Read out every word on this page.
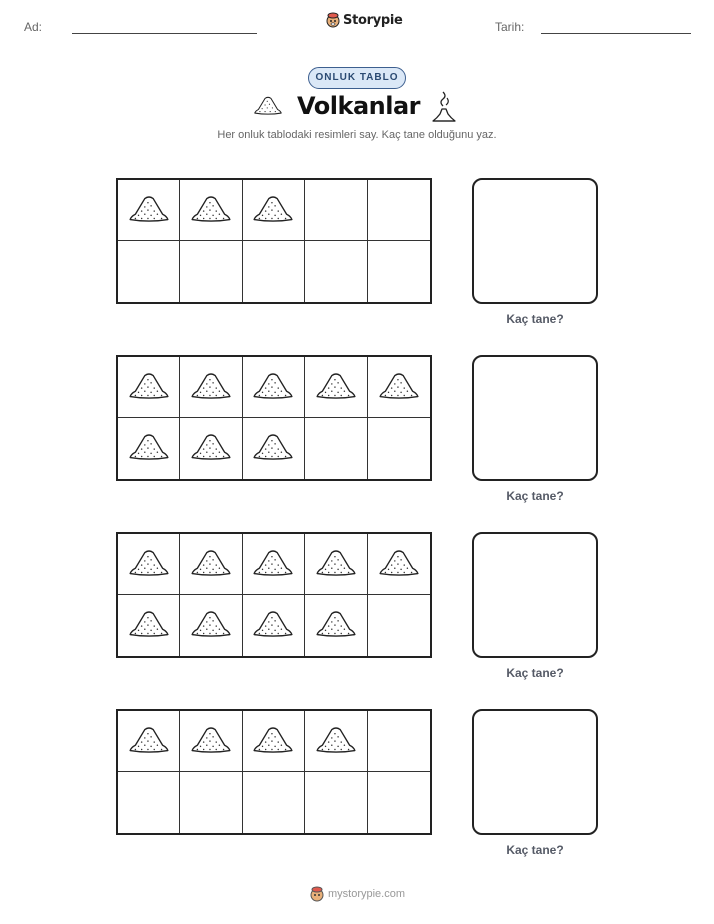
Ad:	Storypie	Tarih:
ONLUK TABLO
Volkanlar
Her onluk tablodaki resimleri say. Kaç tane olduğunu yaz.
Kaç tane?
Kaç tane?
Kaç tane?
Kaç tane?
mystorypie.com
